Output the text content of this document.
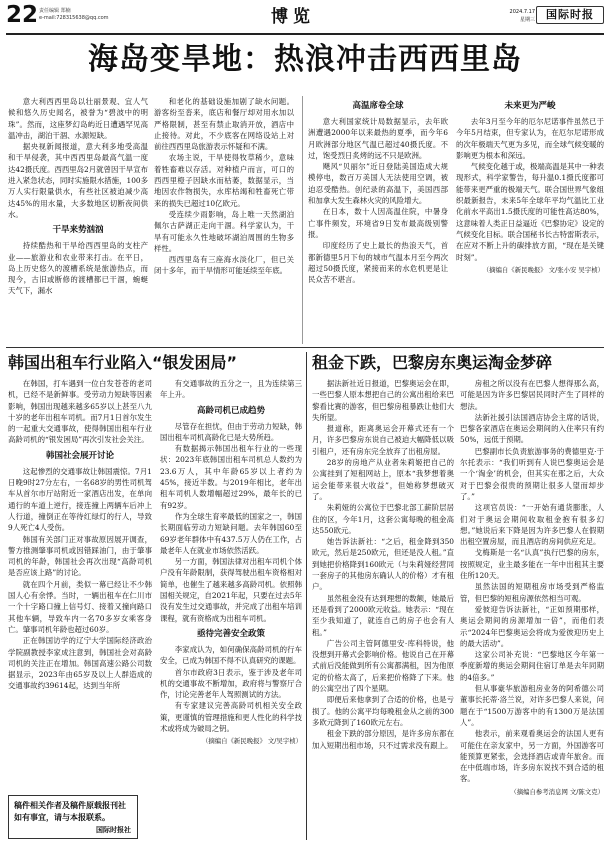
22 责任编辑 郑楠
e-mail:728315638@qq.com	博览	2024.7.17
星期三	国际时报
海岛变旱地：热浪冲击西西里岛

意大利西西里岛以壮丽景观、宜人气候和悠久历史闻名，被誉为“碧波中的明珠”。然而，这座梦幻岛屿近日遭遇罕见高温冲击，湖泊干涸、水源短缺。

据央视新闻报道，意大利多地受高温和干旱侵袭，其中西西里岛最高气温一度达42摄氏度。西西里岛2月就曾因干旱宣布进入紧急状态，同时实施限水措施，100多万人实行限量供水，有些社区被迫减少高达45%的用水量，大多数地区切断夜间供水。

干旱来势汹汹

持续酷热和干旱给西西里岛的支柱产业——旅游业和农业带来打击。在平日，岛上历史悠久的渡槽系统是旅游热点，而现今，古旧或断修的渡槽都已干涸，蜿蜒天气下，漏水

和老化的基础设施加剧了缺水问题。游客纷至沓来，底店和餐厅却对用水加以严格限制，甚至有禁止取消开放，酒店中止接待。对此，不少底客在网络设站上对前往西西里岛旅游表示怀疑和不满。

农场主说，干旱使得牧草稀少，意味着牲畜难以存活。对种植户而言，可口的西西里橙子因缺水而枯萎，数据显示，当地因农作物损失，水库枯竭和牲畜死亡带来的损失已超过10亿欧元。

受连续少雨影响，岛上唯一天然湖泊佩尔古萨湖正走向干涸。科学家认为，干旱有可能永久性地破坏湖泊周围的生物多样性。

西西里岛有三座海水淡化厂，但已关闭十多年，而干旱情形可能延续至年底。

高温席卷全球

意大利国家统计局数据显示，去年欧洲遭遇2000年以来最热的夏季，而今年6月欧洲部分地区气温已超过40摄氏度。不过，饱受烈日炙烤的远不只是欧洲。

飓风“贝丽尔”近日登陆美国造成大规模停电，数百万美国人无法使用空调，被迫忍受酷热。创纪录的高温下，美国西部和加拿大发生森林火灾的风险增大。

在日本，数十人因高温住院，中暑身亡事件频发，环境省9日发布最高级别警报。

印度经历了史上最长的热浪天气，首都新德里5月下旬的城市气温本月至今两次超过50摄氏度，紧接而来的水危机更是让民众苦不堪言。

未来更为严峻

去年3月至今年的厄尔尼诺事件虽然已于今年5月结束，但专家认为，在厄尔尼诺形成的次年极端天气更为多见，而全球气候变暖的影响更为根本和深远。

气候变化越于或，极端高温是其中一种表现形式，科学家警告，每升温0.1摄氏度都可能带来更严重的极端天气。联合国世界气象组织最新报告，未来5年全球年平均气温比工业化前水平高出1.5摄氏度的可能性高达80%，这意味着人类正日益逼近《巴黎协定》设定的气候变化目标。联合国秘书长古特雷斯表示，在应对不断上升的碳排放方面，“现在是关键时刻”。

（摘编自《新民晚报》 文/张小安 吴宇桢）

韩国出租车行业陷入“银发困局”

在韩国，打车遇到一位白发苍苍的老司机，已经不是新鲜事。受劳动力短缺等因素影响，韩国出现越来越多65岁以上甚至八九十岁的老年出租车司机。而7月1日首尔发生的一起重大交通事故，使得韩国出租车行业高龄司机的“银发困局”再次引发社会关注。

韩国社会展开讨论

这起惨烈的交通事故让韩国震惊。7月1日晚9时27分左右，一名68岁的男性司机驾车从首尔市厅站附近一家酒店出发，在单向通行的车道上逆行，接连撞上两辆车后冲上人行道，撞倒正在等待红绿灯的行人，导致9人死亡4人受伤。

韩国有关部门正对事故原因展开调查，警方推测肇事司机或因错踩油门，由于肇事司机的年龄，韩国社会再次出现“高龄司机是否应该上路”的讨论。

就在四个月前，类似一幕已经让不少韩国人心有余悸。当时，一辆出租车在仁川市一个十字路口撞上信号灯、接着又撞向路口其他车辆，导致车内一名70多岁女乘客身亡。肇事司机年龄也超过60岁。

正在韩国访学的辽宁大学国际经济政治学院副教授李家成注意到，韩国社会对高龄司机的关注正在增加。韩国高速公路公司数据显示，2023年由65岁及以上人群造成的交通事故约39614起，达到当年所

有交通事故的五分之一，且为连续第三年上升。

高龄司机已成趋势

尽管存在担忧，但由于劳动力短缺，韩国出租车司机高龄化已是大势所趋。

有数据揭示韩国出租车行业的一些现状：2023年底韩国出租车司机总人数约为23.6万人，其中年龄65岁以上者约为45%，接近半数。与2019年相比，老年出租车司机人数增幅超过29%，最年长的已有92岁。

作为全球生育率最低的国家之一，韩国长期面临劳动力短缺问题。去年韩国60至69岁老年群体中有437.5万人仍在工作，占最老年人在就业市场依然活跃。

另一方面，韩国法律对出租车司机个体户没有年龄限制，获得驾驶出租车资格相对简单，也催生了越来越多高龄司机。依照韩国相关规定，自2021年起，只要在过去5年没有发生过交通事故，并完成了出租车培训课程，就有资格成为出租车司机。

亟待完善安全政策

李家成认为，如何确保高龄司机的行车安全，已成为韩国不得不认真研究的课题。

首尔市政府3日表示，鉴于涉及老年司机的交通事故不断增加，政府将与警察厅合作，讨论完善老年人驾照测试的方法。

有专家建议完善高龄司机相关安全政策，更谨慎的管理措施和更人性化的科学技术或将成为破局之钥。

（摘编自《新民晚报》 文/吴宇桢）

稿件相关作者及稿件原载报刊社如有事宜，请与本报联系。
国际时报社
租金下跌，巴黎房东奥运淘金梦碎

据法新社近日报道，巴黎奥运会在即，一些巴黎人原本想把自己的公寓出租给来巴黎看比赛的游客，但巴黎房租暴跌让他们大失所望。

报道称，距离奥运会开幕式还有一个月，许多巴黎房东说自己被迫大幅降低以吸引租户，还有房东完全放弃了出租房屋。

28岁的房地产从业者朱莉姬把自己的公寓挂到了短租网站上，原本“我梦想着奥运会能带来很大收益”，但她称梦想破灭了。

朱莉娅的公寓位于巴黎北部工薪阶层居住的区，今年1月，这套公寓每晚的租金高达550欧元。

她告诉法新社：“之后，租金降到350欧元，然后是250欧元，但还是没人租。”直到她把价格降到160欧元（与朱莉娅经营同一套房子的其他房东确认人的价格）才有租户。

虽然租金没有达到理想的数额，她最后还是看到了2000欧元收益。她表示：“现在至少我知道了，就连自己的房子也会有人租。”

广告公司主管阿德里安·库科特说，他没想到开幕式会影响价格。他说自己在开幕式前后没能做到所有公寓都满租，因为他原定的价格太高了，后来把价格降了下来。他的公寓空出了四个星期。

即便后来他拿到了合适的价格，也是亏损了。他的公寓平均每晚租金从之前的300多欧元降到了160欧元左右。

租金下跌的部分原因，是许多房东都在加入短期出租市场，只不过需求没有跟上。

房租之所以没有在巴黎人想得那么高，可能是因为许多巴黎居民同时产生了同样的想法。

法新社援引法国酒店协会主席的话说，巴黎各家酒店在奥运会期间的入住率只有约50%，远低于预期。

巴黎副市长负责旅游事务的费德里克·于尔托表示：“我们听到有人说巴黎奥运会是一个‘淘金’的机会，但其实在那之后，大众对于巴黎会很贵的预期让很多人望而却步了。”

这项官员说：“一开始有通货膨胀，人们对于奥运会期间收取租金抱有很多幻想。”她说后来下降是因为许多巴黎人在假期出租空置房屋，而且酒店的房间供应充足。

戈梅斯是一名“认真”执行巴黎的房东，按照规定，业主最多能在一年中出租其主要住所120天。

虽然法国的短期租房市场受到严格监管，但巴黎的短租房源依然相当可观。

爱彼迎告诉法新社，“正如预期那样，奥运会期间的房源增加一倍”，而他们表示“2024年巴黎奥运会将成为爱彼迎历史上的最大活动”。

这家公司补充说：“巴黎地区今年第一季度新增的奥运会期间住宿订单是去年同期的4倍多。”

但从事豪华旅游租房业务的阿希德公司董事长托蒂·洛兰说，对许多巴黎人来说，问题在于“1500万游客中的有1300万是法国人”。

他表示，前来观看奥运会的法国人更有可能住在亲友家中，另一方面，外国游客可能预算更紧张，会选择酒店或青年旅舍。而在中低端市场，许多房东说找不到合适的租客。

（摘编自参考消息网 文/陈文克）
